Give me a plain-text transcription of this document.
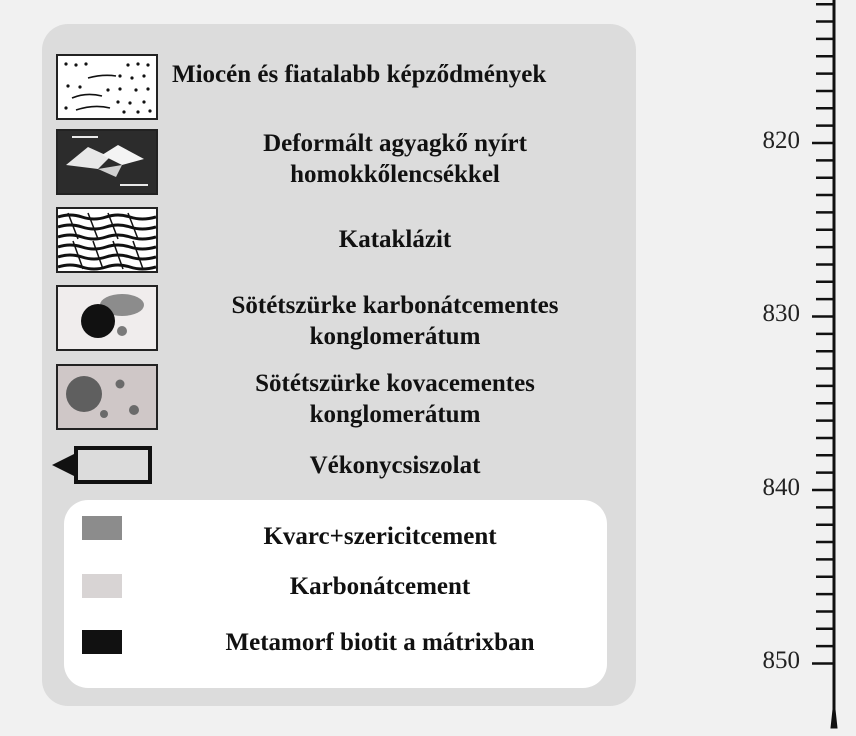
Miocén és fiatalabb képződmények
Deformált agyagkő nyírt
homokkőlencsékkel
Kataklázit
Sötétszürke karbonátcementes
konglomerátum
Sötétszürke kovacementes
konglomerátum
Vékonycsiszolat
Kvarc+szericitcement
Karbonátcement
Metamorf biotit a mátrixban
820
830
840
850
